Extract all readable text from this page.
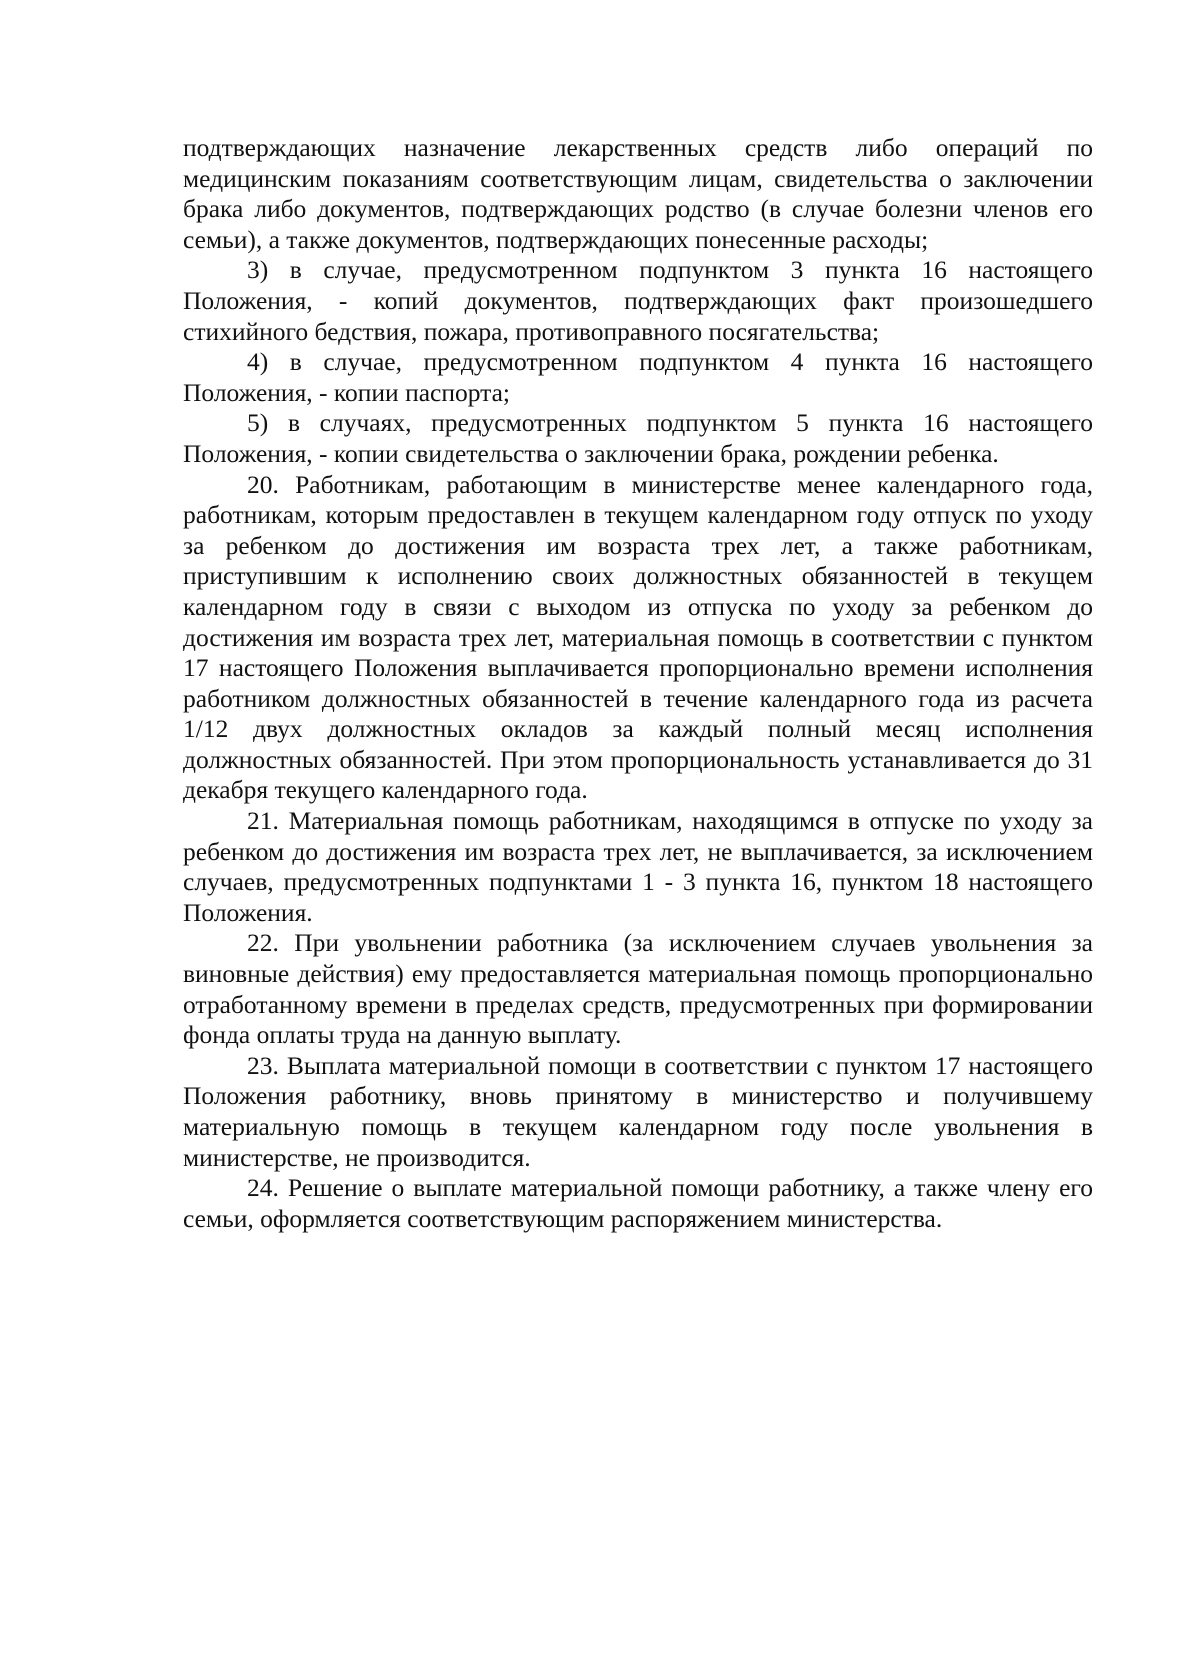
подтверждающих назначение лекарственных средств либо операций по медицинским показаниям соответствующим лицам, свидетельства о заключении брака либо документов, подтверждающих родство (в случае болезни членов его семьи), а также документов, подтверждающих понесенные расходы;

3) в случае, предусмотренном подпунктом 3 пункта 16 настоящего Положения, - копий документов, подтверждающих факт произошедшего стихийного бедствия, пожара, противоправного посягательства;

4) в случае, предусмотренном подпунктом 4 пункта 16 настоящего Положения, - копии паспорта;

5) в случаях, предусмотренных подпунктом 5 пункта 16 настоящего Положения, - копии свидетельства о заключении брака, рождении ребенка.

20. Работникам, работающим в министерстве менее календарного года, работникам, которым предоставлен в текущем календарном году отпуск по уходу за ребенком до достижения им возраста трех лет, а также работникам, приступившим к исполнению своих должностных обязанностей в текущем календарном году в связи с выходом из отпуска по уходу за ребенком до достижения им возраста трех лет, материальная помощь в соответствии с пунктом 17 настоящего Положения выплачивается пропорционально времени исполнения работником должностных обязанностей в течение календарного года из расчета 1/12 двух должностных окладов за каждый полный месяц исполнения должностных обязанностей. При этом пропорциональность устанавливается до 31 декабря текущего календарного года.

21. Материальная помощь работникам, находящимся в отпуске по уходу за ребенком до достижения им возраста трех лет, не выплачивается, за исключением случаев, предусмотренных подпунктами 1 - 3 пункта 16, пунктом 18 настоящего Положения.

22. При увольнении работника (за исключением случаев увольнения за виновные действия) ему предоставляется материальная помощь пропорционально отработанному времени в пределах средств, предусмотренных при формировании фонда оплаты труда на данную выплату.

23. Выплата материальной помощи в соответствии с пунктом 17 настоящего Положения работнику, вновь принятому в министерство и получившему материальную помощь в текущем календарном году после увольнения в министерстве, не производится.

24. Решение о выплате материальной помощи работнику, а также члену его семьи, оформляется соответствующим распоряжением министерства.
